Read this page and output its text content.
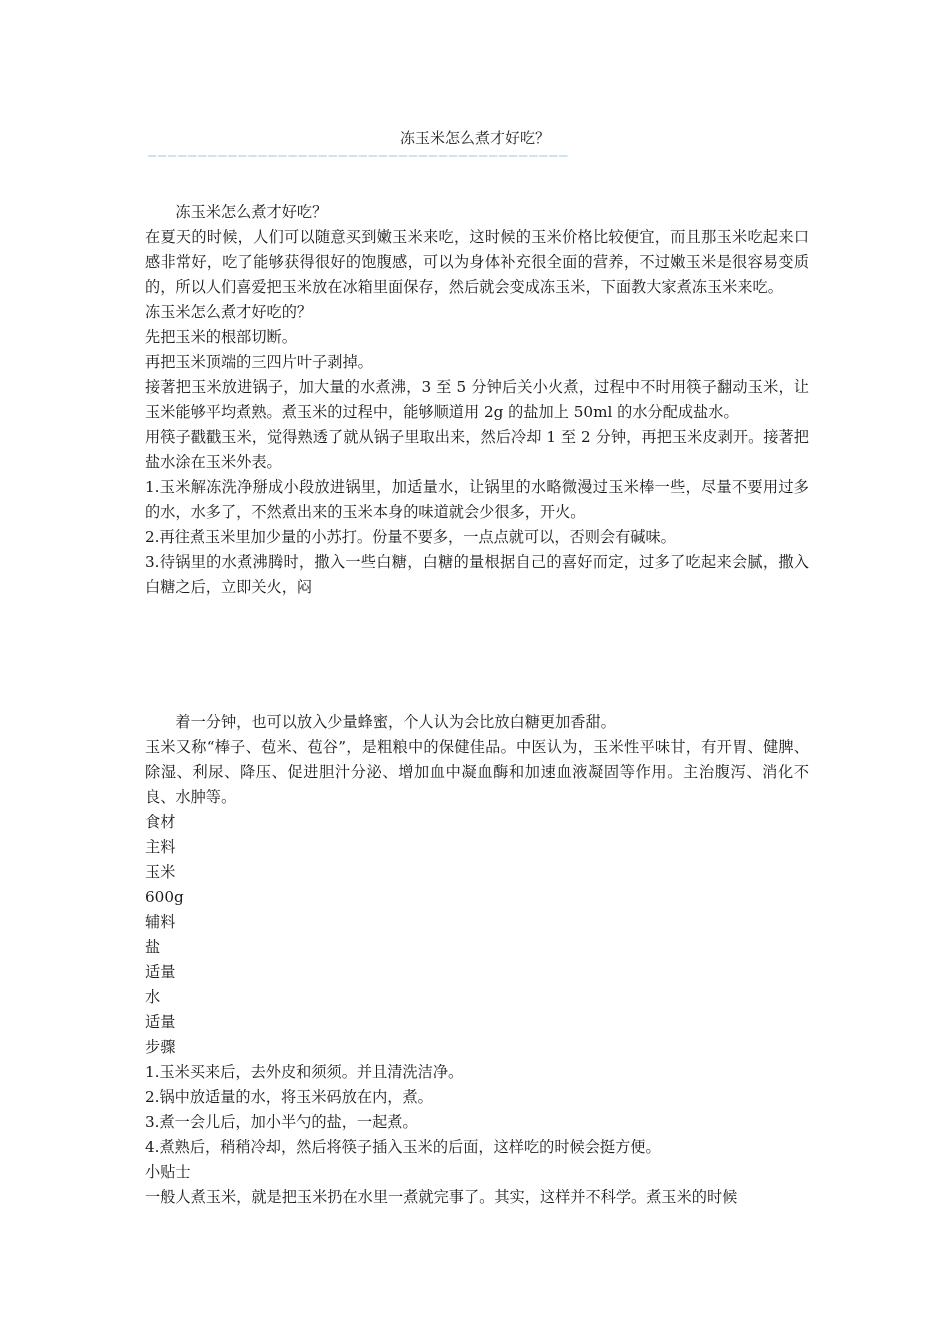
冻玉米怎么煮才好吃？
——————————————————————————————————————————

冻玉米怎么煮才好吃？

在夏天的时候，人们可以随意买到嫩玉米来吃，这时候的玉米价格比较便宜，而且那玉米吃起来口感非常好，吃了能够获得很好的饱腹感，可以为身体补充很全面的营养，不过嫩玉米是很容易变质的，所以人们喜爱把玉米放在冰箱里面保存，然后就会变成冻玉米，下面教大家煮冻玉米来吃。

冻玉米怎么煮才好吃的？

先把玉米的根部切断。

再把玉米顶端的三四片叶子剥掉。

接著把玉米放进锅子，加大量的水煮沸，3 至 5 分钟后关小火煮，过程中不时用筷子翻动玉米，让玉米能够平均煮熟。煮玉米的过程中，能够顺道用 2g 的盐加上 50ml 的水分配成盐水。

用筷子戳戳玉米，觉得熟透了就从锅子里取出来，然后冷却 1 至 2 分钟，再把玉米皮剥开。接著把盐水涂在玉米外表。

1.玉米解冻洗净掰成小段放进锅里，加适量水，让锅里的水略微漫过玉米棒一些，尽量不要用过多的水，水多了，不然煮出来的玉米本身的味道就会少很多，开火。

2.再往煮玉米里加少量的小苏打。份量不要多，一点点就可以，否则会有碱味。

3.待锅里的水煮沸腾时，撒入一些白糖，白糖的量根据自己的喜好而定，过多了吃起来会腻，撒入白糖之后，立即关火，闷

着一分钟，也可以放入少量蜂蜜，个人认为会比放白糖更加香甜。

玉米又称“棒子、苞米、苞谷”，是粗粮中的保健佳品。中医认为，玉米性平味甘，有开胃、健脾、除湿、利尿、降压、促进胆汁分泌、增加血中凝血酶和加速血液凝固等作用。主治腹泻、消化不良、水肿等。

食材

主料

玉米

600g

辅料

盐

适量

水

适量

步骤

1.玉米买来后，去外皮和须须。并且清洗洁净。

2.锅中放适量的水，将玉米码放在内，煮。

3.煮一会儿后，加小半勺的盐，一起煮。

4.煮熟后，稍稍冷却，然后将筷子插入玉米的后面，这样吃的时候会挺方便。

小贴士

一般人煮玉米，就是把玉米扔在水里一煮就完事了。其实，这样并不科学。煮玉米的时候
